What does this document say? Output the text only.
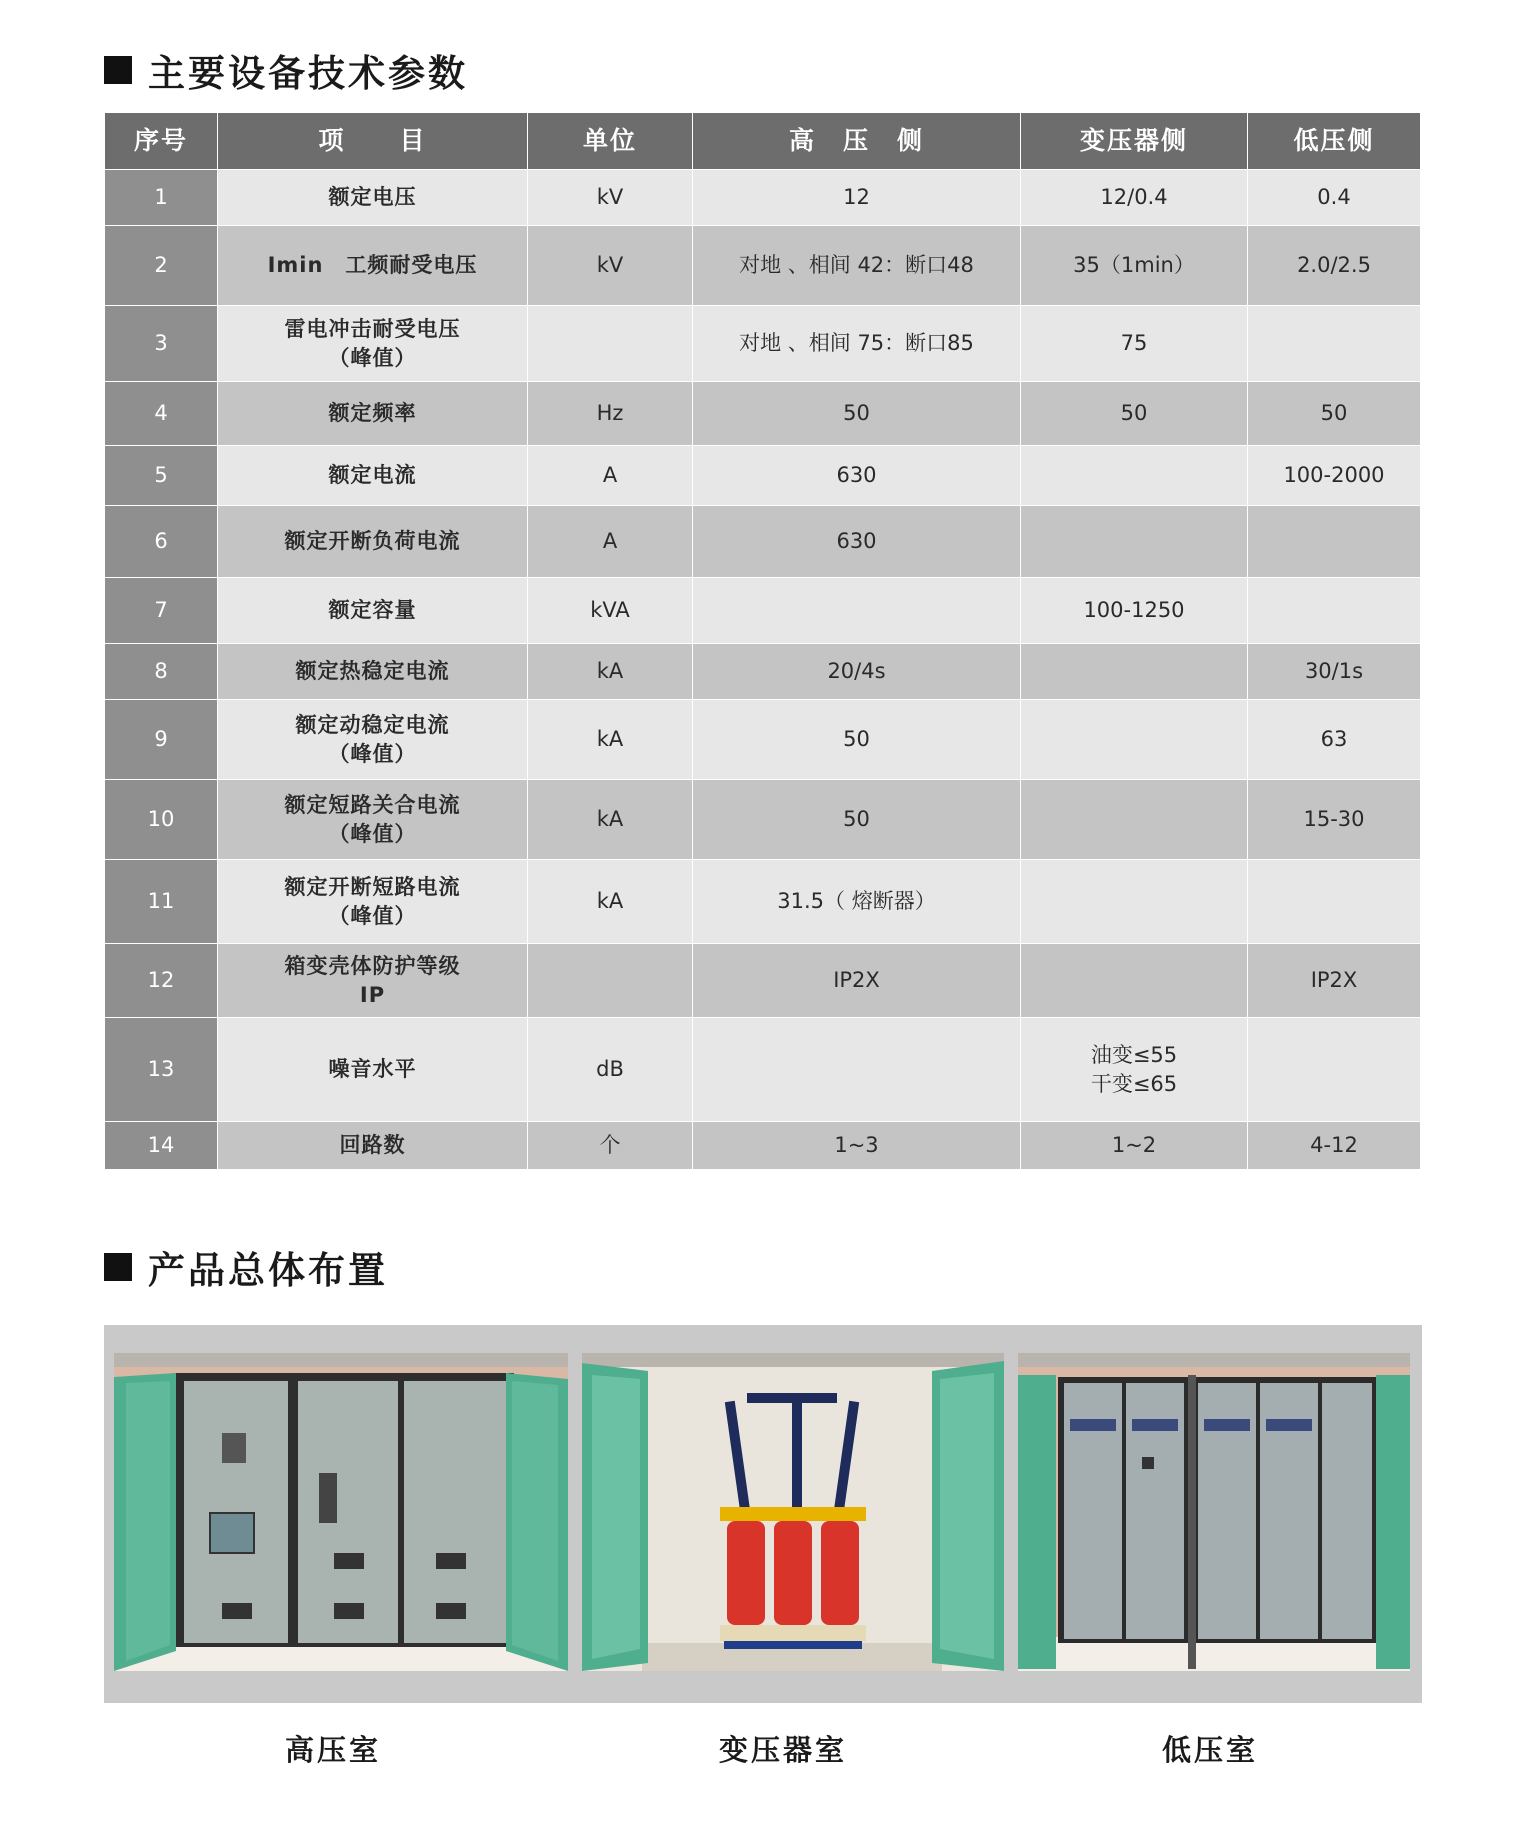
主要设备技术参数
序号	项　　目	单位	高　压　侧	变压器侧	低压侧
1	额定电压	kV	12	12/0.4	0.4

2	Imin　工频耐受电压	kV	对地 、相间 42：断口48	35（1min）	2.0/2.5

3	雷电冲击耐受电压
（峰值）		对地 、相间 75：断口85	75	

4	额定频率	Hz	50	50	50

5	额定电流	A	630		100-2000

6	额定开断负荷电流	A	630		

7	额定容量	kVA		100-1250	

8	额定热稳定电流	kA	20/4s		30/1s

9	额定动稳定电流
（峰值）	kA	50		63

10	额定短路关合电流
（峰值）	kA	50		15-30

11	额定开断短路电流
（峰值）	kA	31.5（ 熔断器）		

12	箱变壳体防护等级
IP		IP2X		IP2X

13	噪音水平	dB		油变≤55
干变≤65	

14	回路数	个	1~3	1~2	4-12
产品总体布置
高压室	变压器室	低压室
